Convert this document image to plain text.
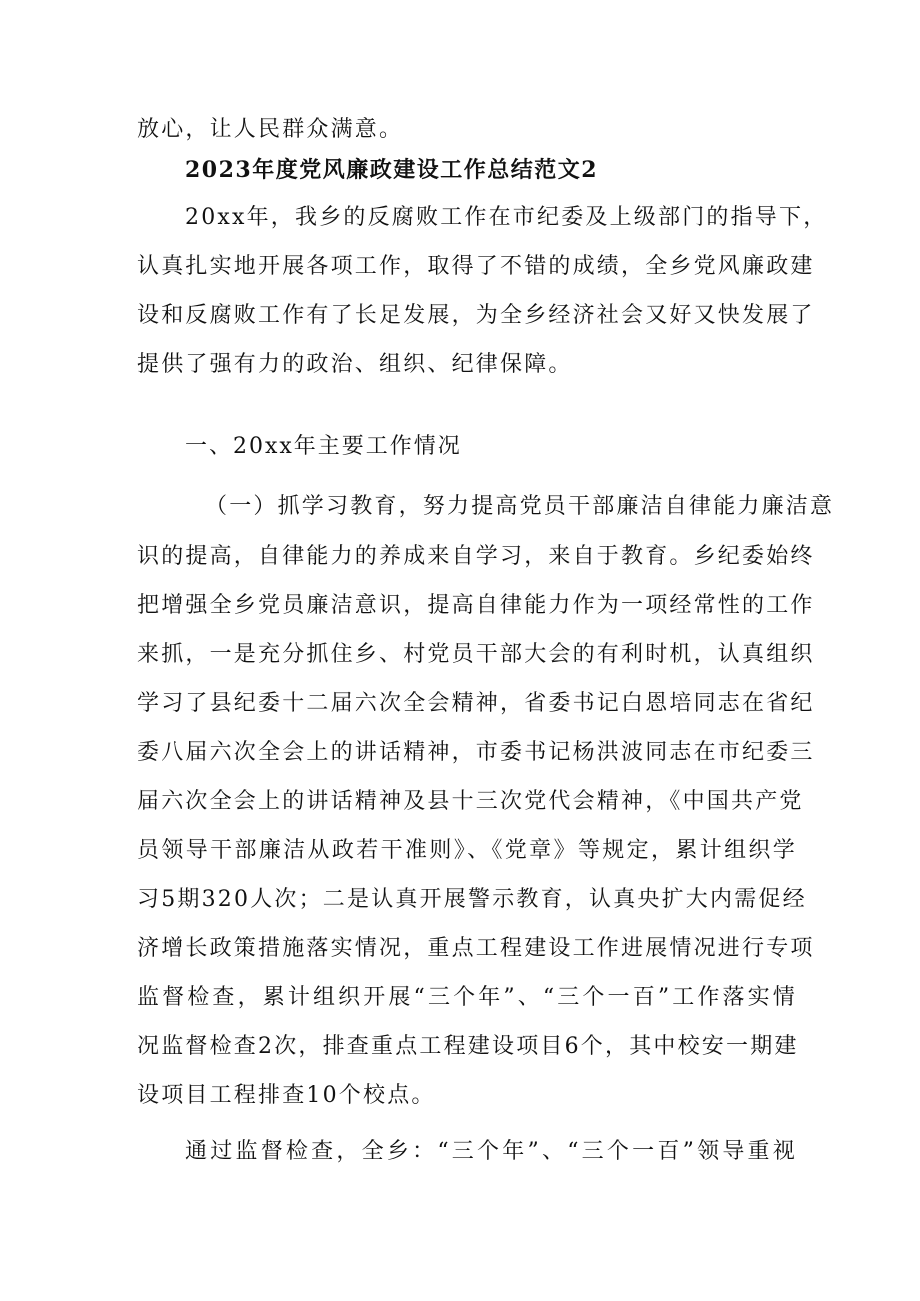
放心，让人民群众满意。
2023年度党风廉政建设工作总结范文2
20xx年，我乡的反腐败工作在市纪委及上级部门的指导下，
认真扎实地开展各项工作，取得了不错的成绩，全乡党风廉政建
设和反腐败工作有了长足发展，为全乡经济社会又好又快发展了
提供了强有力的政治、组织、纪律保障。
一、20xx年主要工作情况
（一）抓学习教育，努力提高党员干部廉洁自律能力廉洁意
识的提高，自律能力的养成来自学习，来自于教育。乡纪委始终
把增强全乡党员廉洁意识，提高自律能力作为一项经常性的工作
来抓，一是充分抓住乡、村党员干部大会的有利时机，认真组织
学习了县纪委十二届六次全会精神，省委书记白恩培同志在省纪
委八届六次全会上的讲话精神，市委书记杨洪波同志在市纪委三
届六次全会上的讲话精神及县十三次党代会精神，《中国共产党
员领导干部廉洁从政若干准则》、《党章》等规定，累计组织学
习5期320人次；二是认真开展警示教育，认真央扩大内需促经
济增长政策措施落实情况，重点工程建设工作进展情况进行专项
监督检查，累计组织开展“三个年”、“三个一百”工作落实情
况监督检查2次，排查重点工程建设项目6个，其中校安一期建
设项目工程排查10个校点。
通过监督检查，全乡：“三个年”、“三个一百”领导重视
